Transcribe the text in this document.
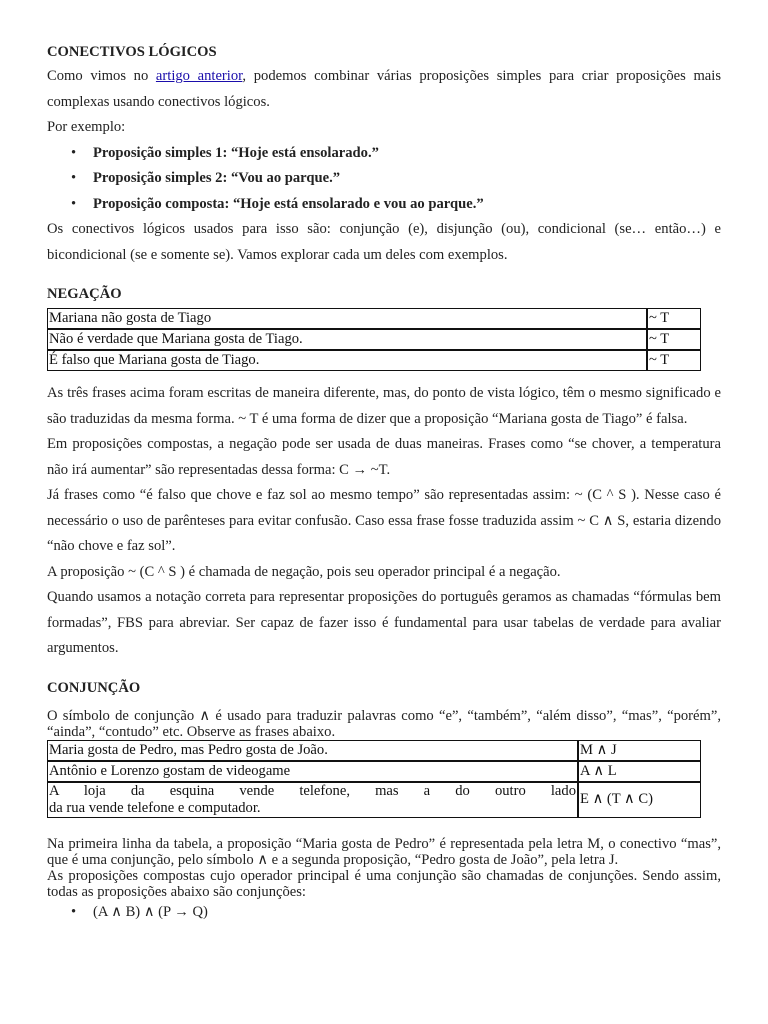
CONECTIVOS LÓGICOS

Como vimos no artigo anterior, podemos combinar várias proposições simples para criar proposições mais complexas usando conectivos lógicos.

Por exemplo:

• Proposição simples 1: “Hoje está ensolarado.”
• Proposição simples 2: “Vou ao parque.”
• Proposição composta: “Hoje está ensolarado e vou ao parque.”

Os conectivos lógicos usados para isso são: conjunção (e), disjunção (ou), condicional (se… então…) e bicondicional (se e somente se). Vamos explorar cada um deles com exemplos.

NEGAÇÃO

Mariana não gosta de Tiago	~ T
Não é verdade que Mariana gosta de Tiago.	~ T
É falso que Mariana gosta de Tiago.	~ T

As três frases acima foram escritas de maneira diferente, mas, do ponto de vista lógico, têm o mesmo significado e são traduzidas da mesma forma. ~ T é uma forma de dizer que a proposição “Mariana gosta de Tiago” é falsa.

Em proposições compostas, a negação pode ser usada de duas maneiras. Frases como “se chover, a temperatura não irá aumentar” são representadas dessa forma: C → ~T.

Já frases como “é falso que chove e faz sol ao mesmo tempo” são representadas assim: ~ (C ^ S ). Nesse caso é necessário o uso de parênteses para evitar confusão. Caso essa frase fosse traduzida assim ~ C ∧ S, estaria dizendo “não chove e faz sol”.

A proposição ~ (C ^ S ) é chamada de negação, pois seu operador principal é a negação.

Quando usamos a notação correta para representar proposições do português geramos as chamadas “fórmulas bem formadas”, FBS para abreviar. Ser capaz de fazer isso é fundamental para usar tabelas de verdade para avaliar argumentos.

CONJUNÇÃO

O símbolo de conjunção ∧ é usado para traduzir palavras como “e”, “também”, “além disso”, “mas”, “porém”, “ainda”, “contudo” etc. Observe as frases abaixo.

Maria gosta de Pedro, mas Pedro gosta de João.	M ∧ J
Antônio e Lorenzo gostam de videogame	A ∧ L

A loja da esquina vende telefone, mas a do outro lado
da rua vende telefone e computador.	E ∧ (T ∧ C)

Na primeira linha da tabela, a proposição “Maria gosta de Pedro” é representada pela letra M, o conectivo “mas”, que é uma conjunção, pelo símbolo ∧ e a segunda proposição, “Pedro gosta de João”, pela letra J.

As proposições compostas cujo operador principal é uma conjunção são chamadas de conjunções. Sendo assim, todas as proposições abaixo são conjunções:

• (A ∧ B) ∧ (P → Q)
